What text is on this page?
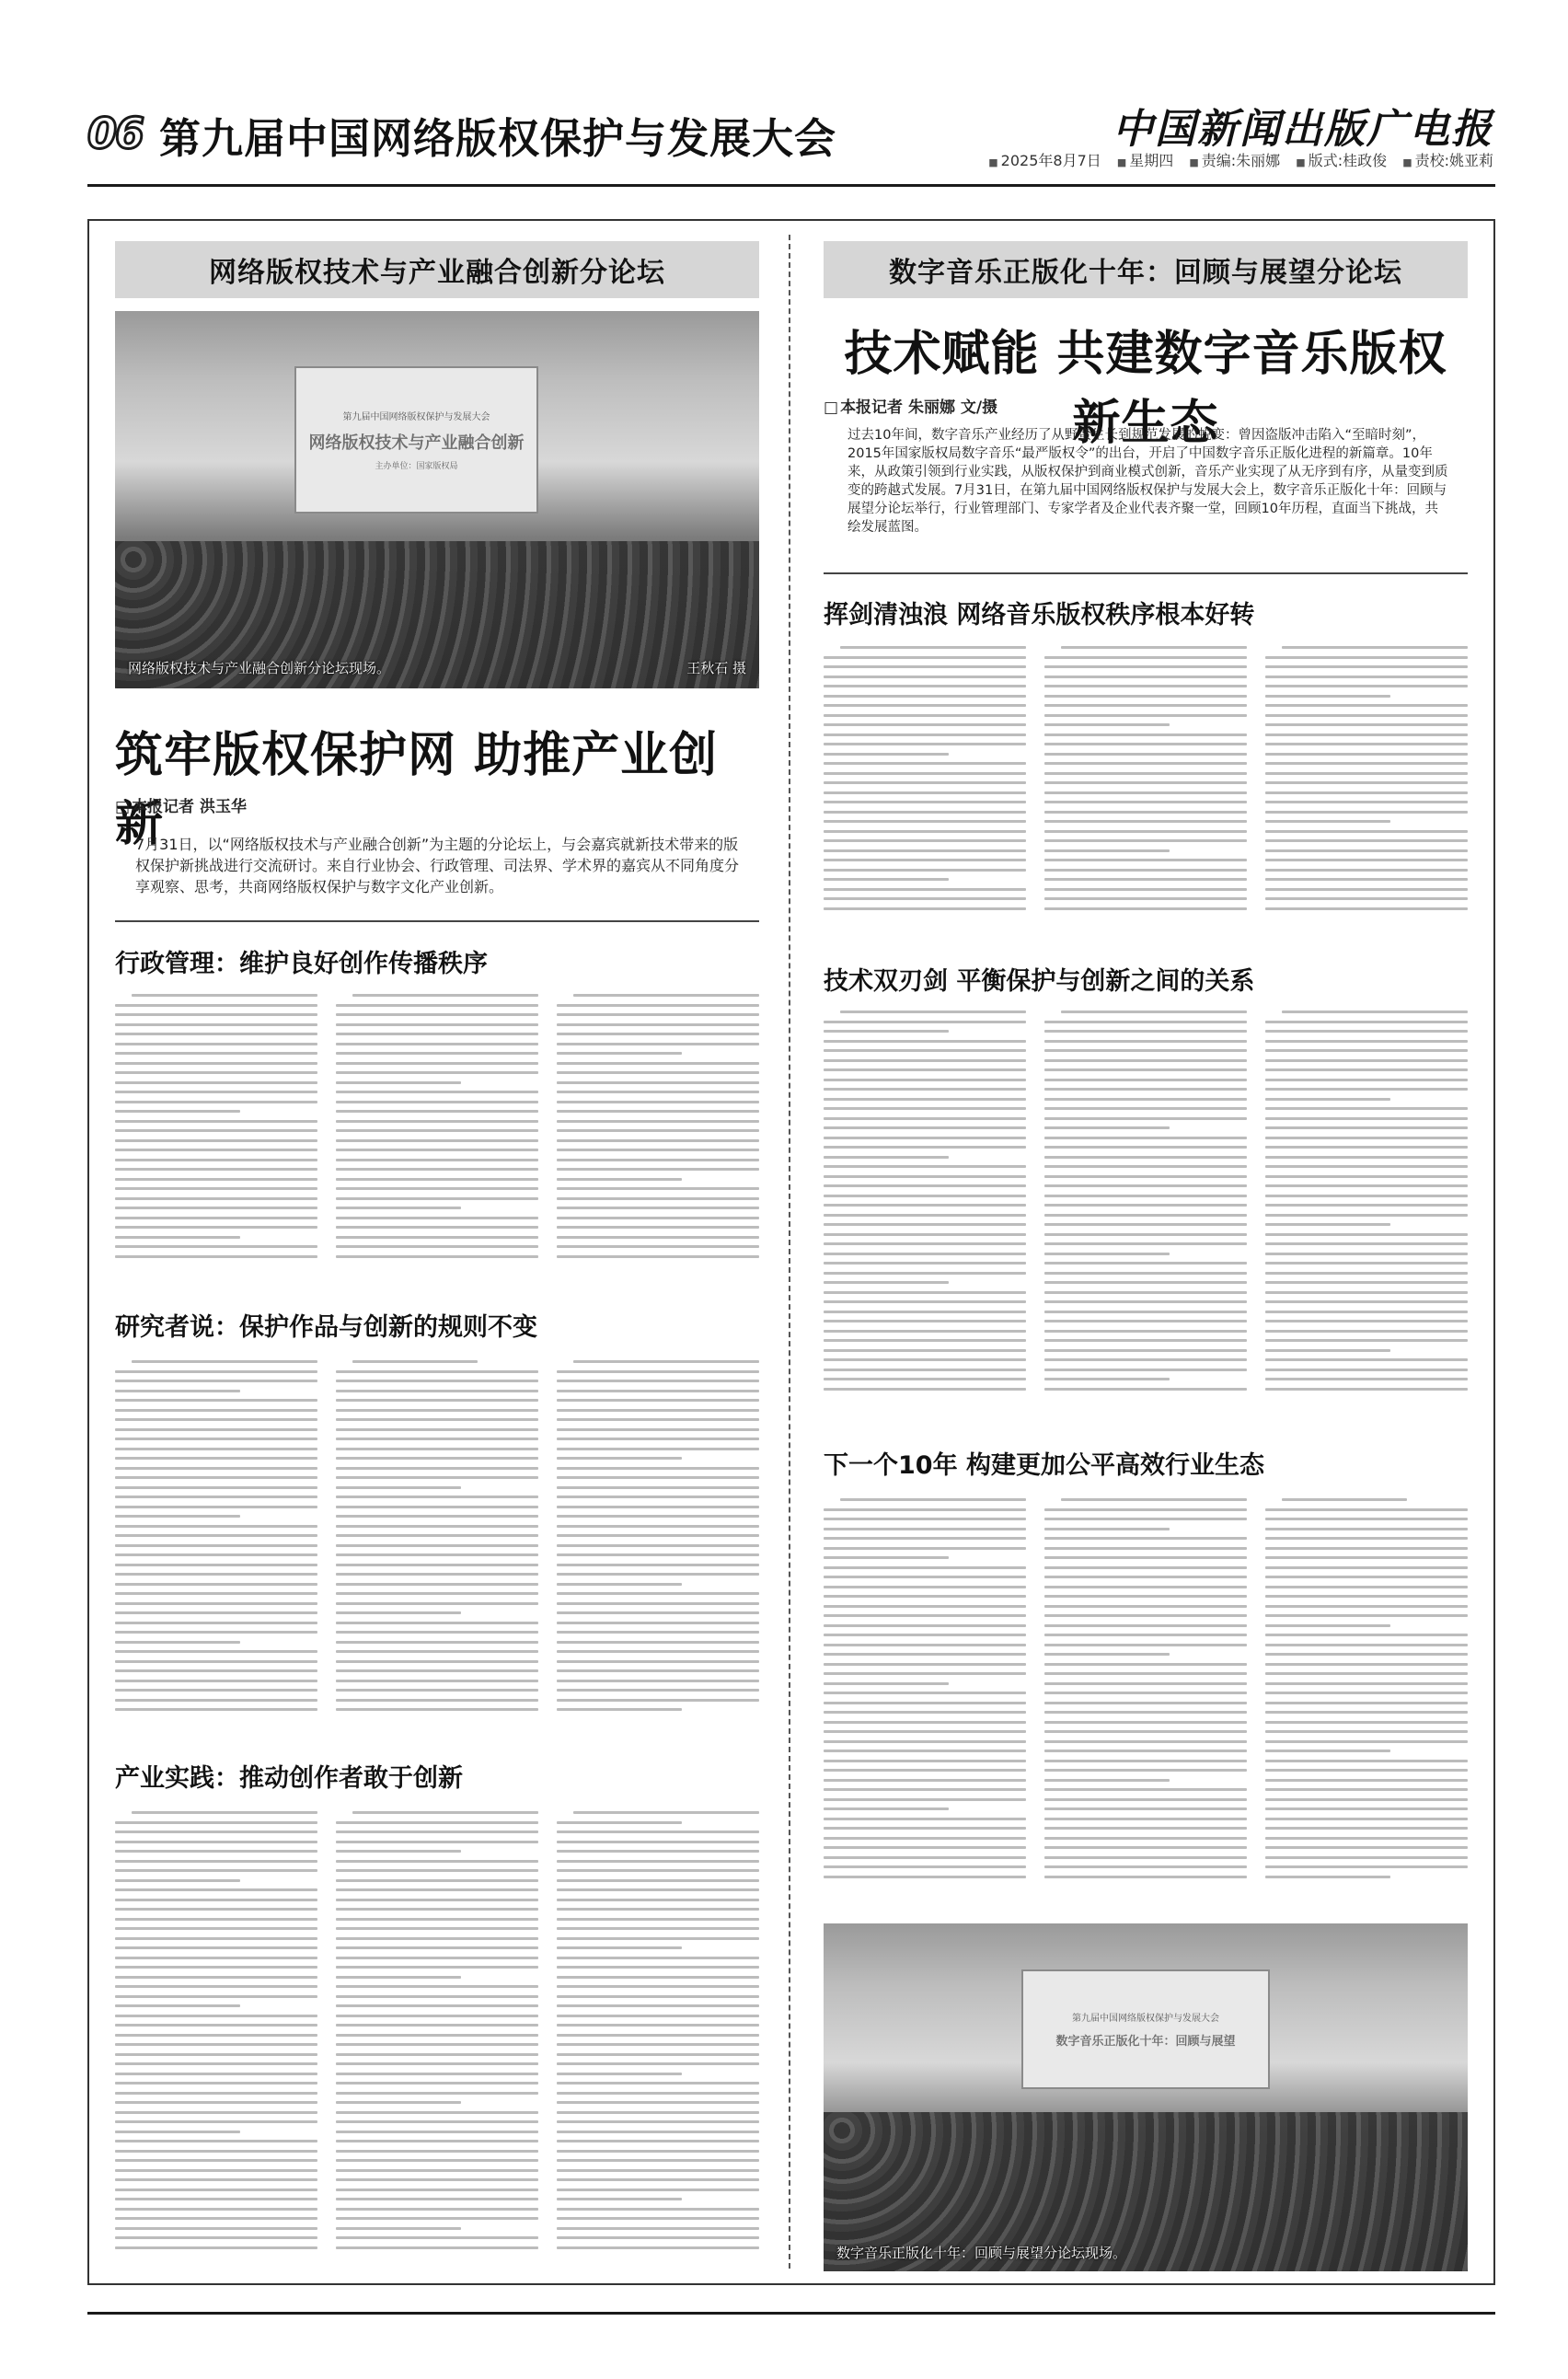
06 第九届中国网络版权保护与发展大会	中国新闻出版广电报
■ 2025年8月7日 ■ 星期四 ■ 责编:朱丽娜 ■ 版式:桂政俊 ■ 责校:姚亚莉
网络版权技术与产业融合创新分论坛
第九届中国网络版权保护与发展大会
网络版权技术与产业融合创新
主办单位：国家版权局
网络版权技术与产业融合创新分论坛现场。	王秋石 摄
筑牢版权保护网 助推产业创新
□ 本报记者 洪玉华
7月31日，以“网络版权技术与产业融合创新”为主题的分论坛上，与会嘉宾就新技术带来的版权保护新挑战进行交流研讨。来自行业协会、行政管理、司法界、学术界的嘉宾从不同角度分享观察、思考，共商网络版权保护与数字文化产业创新。
行政管理：维护良好创作传播秩序
研究者说：保护作品与创新的规则不变
产业实践：推动创作者敢于创新
数字音乐正版化十年：回顾与展望分论坛
技术赋能 共建数字音乐版权新生态
□ 本报记者 朱丽娜 文/摄
过去10年间，数字音乐产业经历了从野蛮生长到规范发展的蜕变：曾因盗版冲击陷入“至暗时刻”，2015年国家版权局数字音乐“最严版权令”的出台，开启了中国数字音乐正版化进程的新篇章。10年来，从政策引领到行业实践，从版权保护到商业模式创新，音乐产业实现了从无序到有序，从量变到质变的跨越式发展。7月31日，在第九届中国网络版权保护与发展大会上，数字音乐正版化十年：回顾与展望分论坛举行，行业管理部门、专家学者及企业代表齐聚一堂，回顾10年历程，直面当下挑战，共绘发展蓝图。
挥剑清浊浪 网络音乐版权秩序根本好转
技术双刃剑 平衡保护与创新之间的关系
下一个10年 构建更加公平高效行业生态
第九届中国网络版权保护与发展大会
数字音乐正版化十年：回顾与展望
数字音乐正版化十年：回顾与展望分论坛现场。
